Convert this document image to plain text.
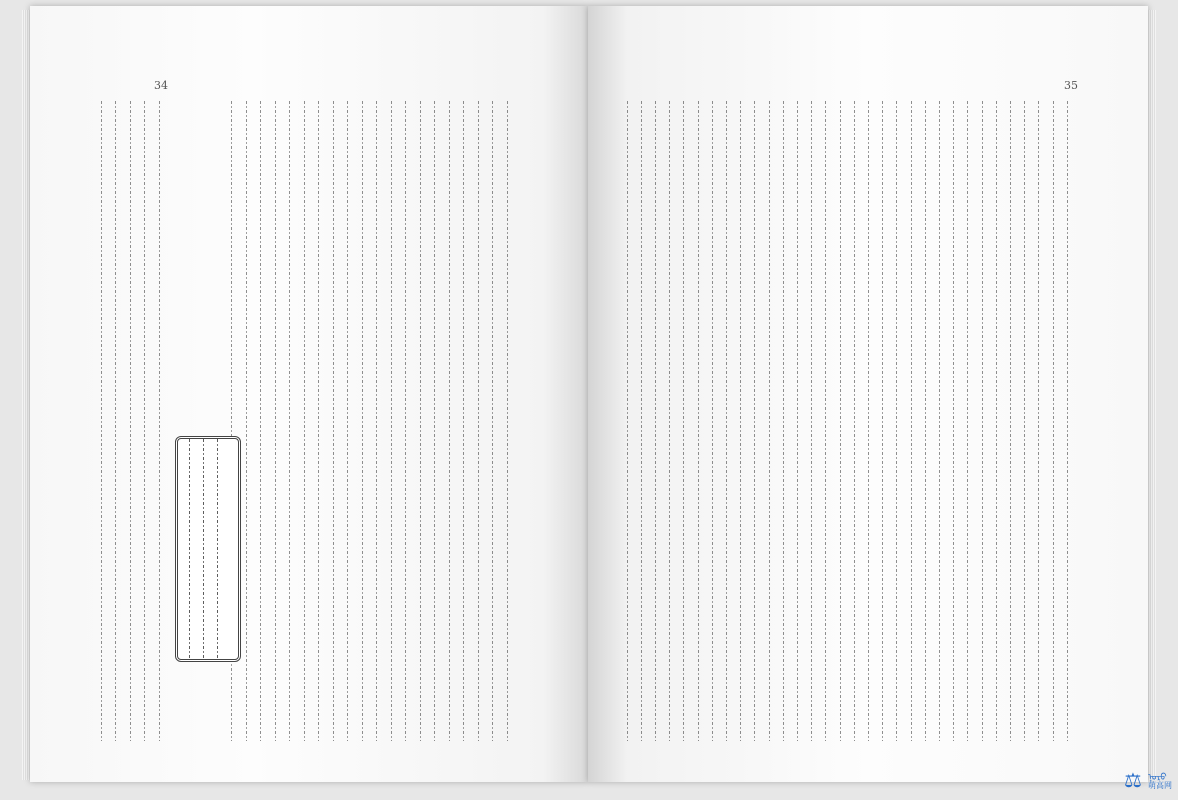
34	35
⚖ ᠨᠣᠷᠣ
萌高网
